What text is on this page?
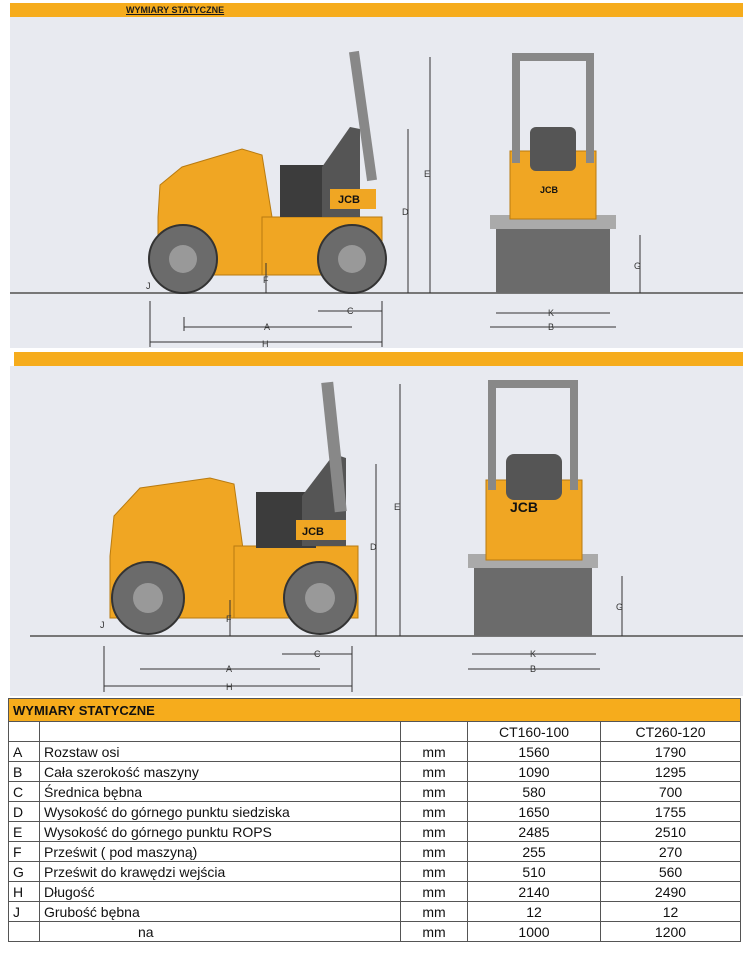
WYMIARY STATYCZNE
JCB
H
A
C
F
J
D
E
JCB
K
B
G
JCB
H
A
C
F
J
D
E	JCB
K
B
G
WYMIARY STATYCZNE				
			CT160-100	CT260-120
A	Rozstaw osi	mm	1560	1790
B	Cała szerokość maszyny	mm	1090	1295
C	Średnica bębna	mm	580	700
D	Wysokość do górnego punktu siedziska	mm	1650	1755
E	Wysokość do górnego punktu ROPS	mm	2485	2510
F	Prześwit ( pod maszyną)	mm	255	270
G	Prześwit do krawędzi wejścia	mm	510	560
H	Długość	mm	2140	2490
J	Grubość bębna	mm	12	12
	na	mm	1000	1200
